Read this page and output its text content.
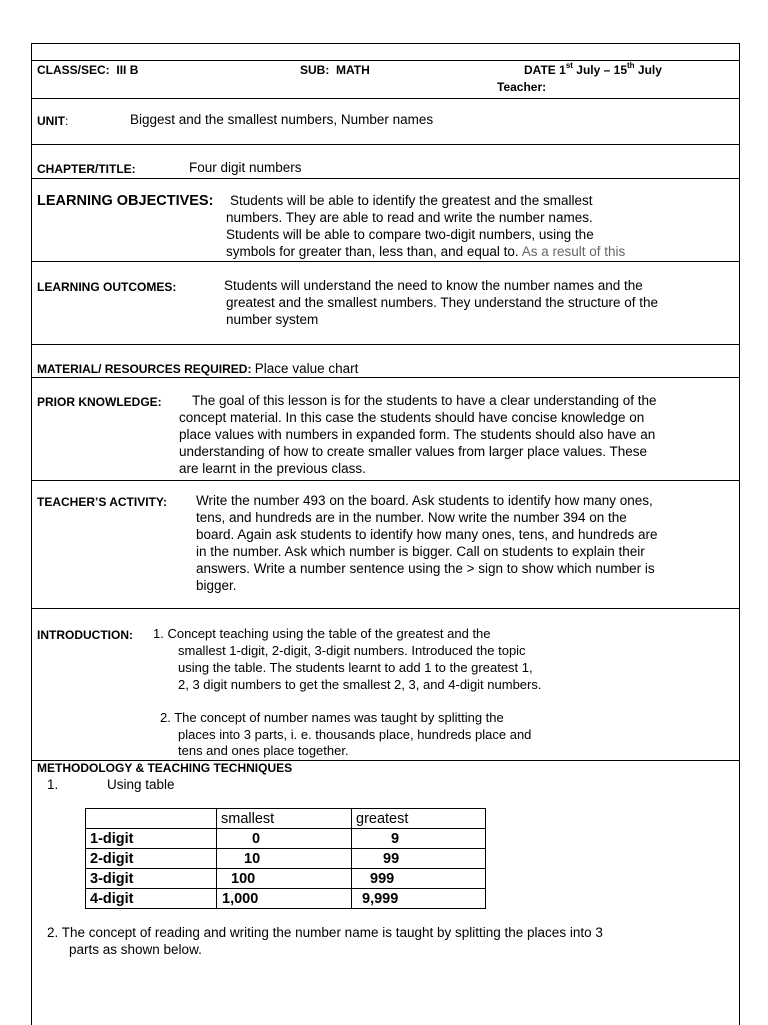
CLASS/SEC: III B	SUB: MATH	DATE 1st July – 15th July
Teacher:
UNIT:	Biggest and the smallest numbers, Number names
CHAPTER/TITLE:	Four digit numbers
LEARNING OBJECTIVES: Students will be able to identify the greatest and the smallest
numbers. They are able to read and write the number names.
Students will be able to compare two-digit numbers, using the
symbols for greater than, less than, and equal to. As a result of this
LEARNING OUTCOMES:	Students will understand the need to know the number names and the
greatest and the smallest numbers. They understand the structure of the
number system
MATERIAL/ RESOURCES REQUIRED: Place value chart
PRIOR KNOWLEDGE: The goal of this lesson is for the students to have a clear understanding of the
concept material. In this case the students should have concise knowledge on
place values with numbers in expanded form. The students should also have an
understanding of how to create smaller values from larger place values. These
are learnt in the previous class.
TEACHER’S ACTIVITY: Write the number 493 on the board. Ask students to identify how many ones,
tens, and hundreds are in the number. Now write the number 394 on the
board. Again ask students to identify how many ones, tens, and hundreds are
in the number. Ask which number is bigger. Call on students to explain their
answers. Write a number sentence using the > sign to show which number is
bigger.
INTRODUCTION: 1. Concept teaching using the table of the greatest and the
smallest 1-digit, 2-digit, 3-digit numbers. Introduced the topic
using the table. The students learnt to add 1 to the greatest 1,
2, 3 digit numbers to get the smallest 2, 3, and 4-digit numbers.
2. The concept of number names was taught by splitting the
places into 3 parts, i. e. thousands place, hundreds place and
tens and ones place together.
METHODOLOGY & TEACHING TECHNIQUES
1.	Using table
	smallest	greatest
1-digit	0	9
2-digit	10	99
3-digit	100	999
4-digit	1,000	9,999
2. The concept of reading and writing the number name is taught by splitting the places into 3
parts as shown below.
